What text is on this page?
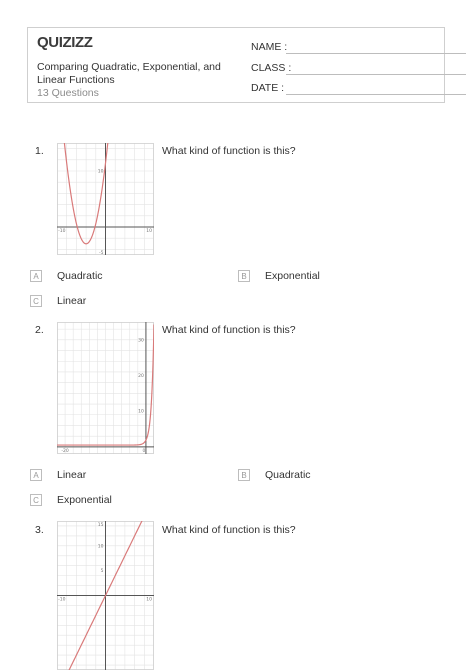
QUIZIZZ
Comparing Quadratic, Exponential, and Linear Functions
13 Questions
NAME :
CLASS :
DATE :
1.
-10	10
10
-5
What kind of function is this?
A	Quadratic	B	Exponential
C Linear
2.
-20	0
30
20
10
What kind of function is this?
A	Linear	B	Quadratic
C Exponential
3.	15
10
5
-10	10
What kind of function is this?
